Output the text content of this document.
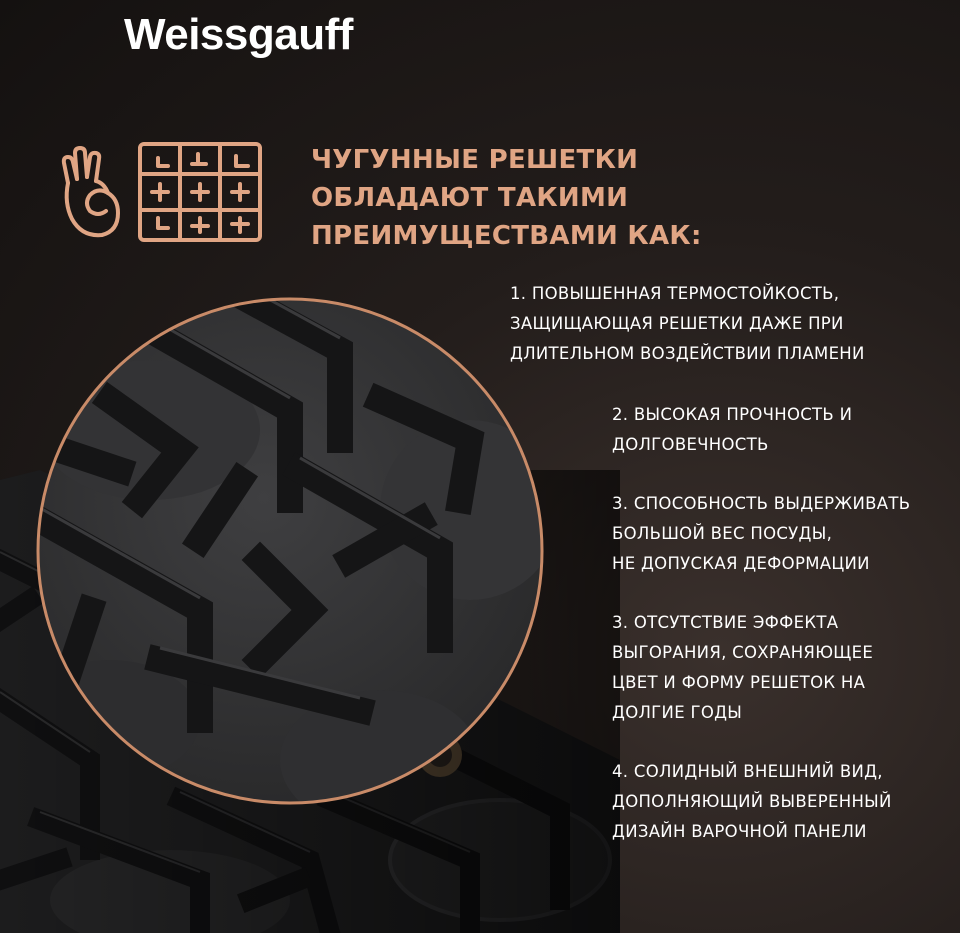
Weissgauff
ЧУГУННЫЕ РЕШЕТКИ
ОБЛАДАЮТ ТАКИМИ
ПРЕИМУЩЕСТВАМИ КАК:
1. ПОВЫШЕННАЯ ТЕРМОСТОЙКОСТЬ,
ЗАЩИЩАЮЩАЯ РЕШЕТКИ ДАЖЕ ПРИ
ДЛИТЕЛЬНОМ ВОЗДЕЙСТВИИ ПЛАМЕНИ
2. ВЫСОКАЯ ПРОЧНОСТЬ И
ДОЛГОВЕЧНОСТЬ
3. СПОСОБНОСТЬ ВЫДЕРЖИВАТЬ
БОЛЬШОЙ ВЕС ПОСУДЫ,
НЕ ДОПУСКАЯ ДЕФОРМАЦИИ
3. ОТСУТСТВИЕ ЭФФЕКТА
ВЫГОРАНИЯ, СОХРАНЯЮЩЕЕ
ЦВЕТ И ФОРМУ РЕШЕТОК НА
ДОЛГИЕ ГОДЫ
4. СОЛИДНЫЙ ВНЕШНИЙ ВИД,
ДОПОЛНЯЮЩИЙ ВЫВЕРЕННЫЙ
ДИЗАЙН ВАРОЧНОЙ ПАНЕЛИ
